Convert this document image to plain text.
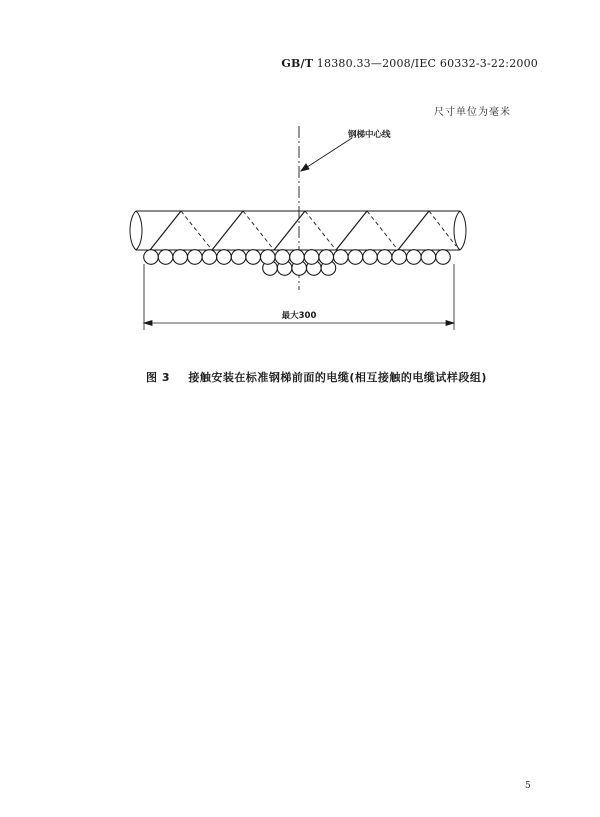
GB/T 18380.33—2008/IEC 60332-3-22:2000
尺寸单位为毫米
钢梯中心线
最大300
图 3 接触安装在标准钢梯前面的电缆(相互接触的电缆试样段组)
5
